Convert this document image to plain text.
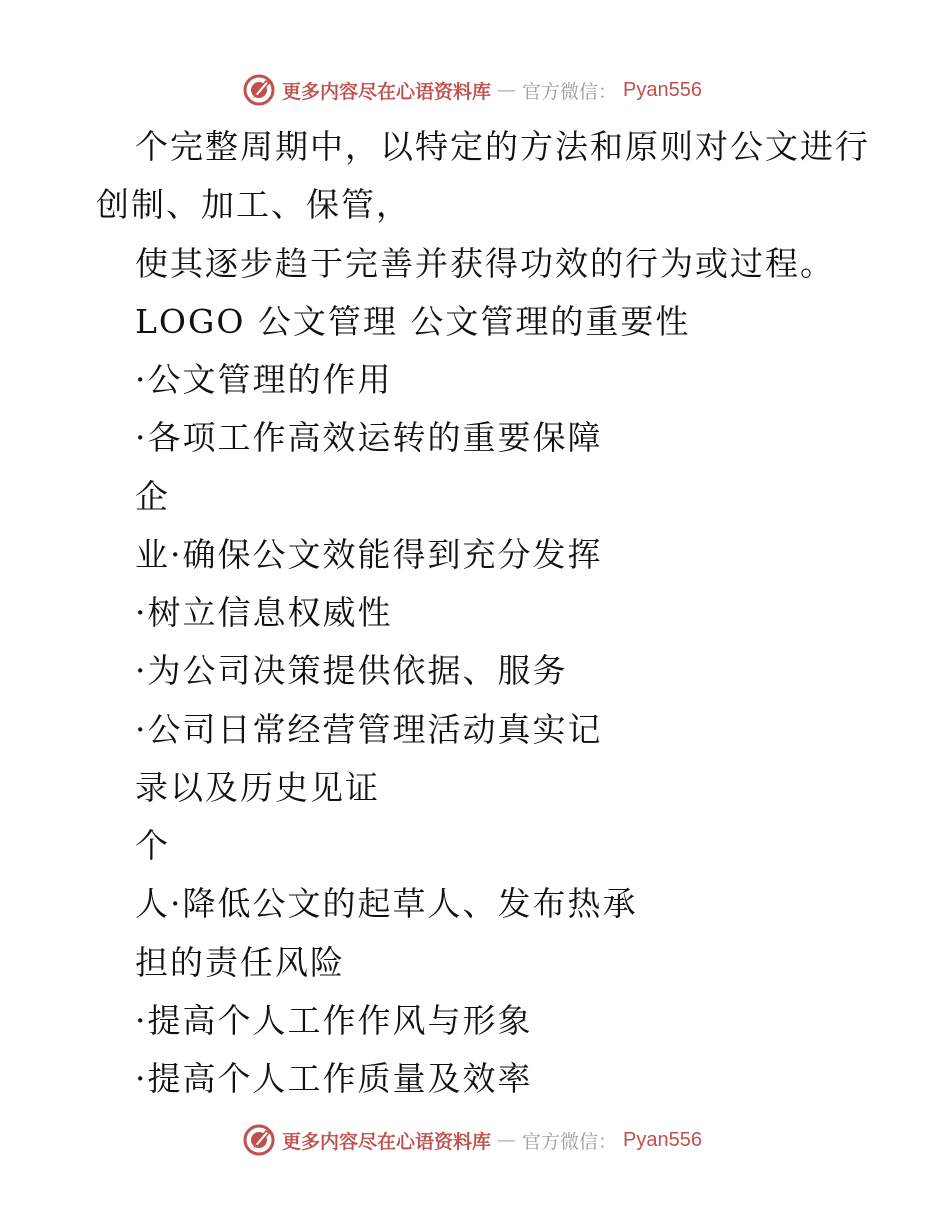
更多内容尽在心语资料库 — 官方微信： Pyan556
个完整周期中，以特定的方法和原则对公文进行
创制、加工、保管，
使其逐步趋于完善并获得功效的行为或过程。
LOGO 公文管理 公文管理的重要性
·公文管理的作用
·各项工作高效运转的重要保障
企
业·确保公文效能得到充分发挥
·树立信息权威性
·为公司决策提供依据、服务
·公司日常经营管理活动真实记
录以及历史见证
个
人·降低公文的起草人、发布热承
担的责任风险
·提高个人工作作风与形象
·提高个人工作质量及效率
更多内容尽在心语资料库 — 官方微信： Pyan556
